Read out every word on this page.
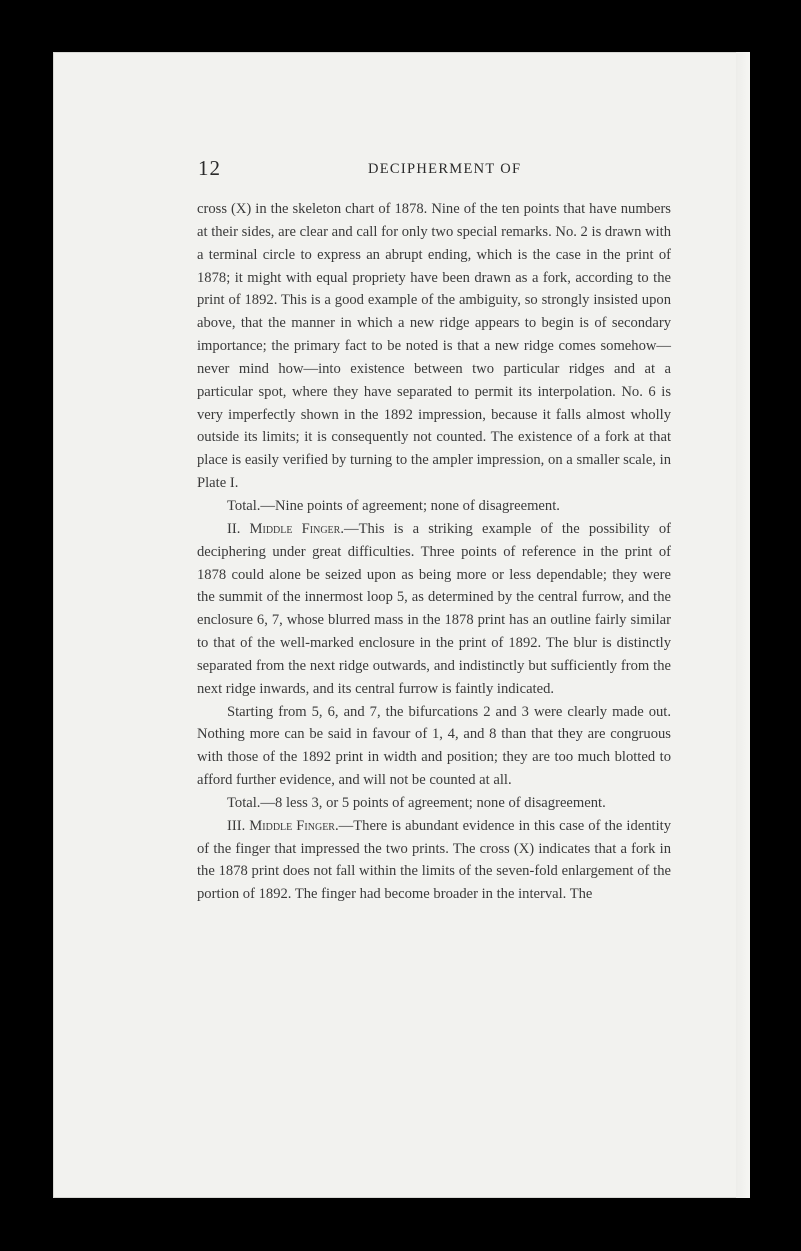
12	DECIPHERMENT OF

cross (X) in the skeleton chart of 1878. Nine of the ten points that have numbers at their sides, are clear and call for only two special remarks. No. 2 is drawn with a terminal circle to express an abrupt ending, which is the case in the print of 1878; it might with equal propriety have been drawn as a fork, according to the print of 1892. This is a good example of the ambiguity, so strongly insisted upon above, that the manner in which a new ridge appears to begin is of secondary importance; the primary fact to be noted is that a new ridge comes somehow—never mind how—into existence between two particular ridges and at a particular spot, where they have separated to permit its interpolation. No. 6 is very imperfectly shown in the 1892 impression, because it falls almost wholly outside its limits; it is consequently not counted. The existence of a fork at that place is easily verified by turning to the ampler impression, on a smaller scale, in Plate I.

Total.—Nine points of agreement; none of disagreement.

II. Middle Finger.—This is a striking example of the possibility of deciphering under great difficulties. Three points of reference in the print of 1878 could alone be seized upon as being more or less dependable; they were the summit of the innermost loop 5, as determined by the central furrow, and the enclosure 6, 7, whose blurred mass in the 1878 print has an outline fairly similar to that of the well-marked enclosure in the print of 1892. The blur is distinctly separated from the next ridge outwards, and indistinctly but sufficiently from the next ridge inwards, and its central furrow is faintly indicated.

Starting from 5, 6, and 7, the bifurcations 2 and 3 were clearly made out. Nothing more can be said in favour of 1, 4, and 8 than that they are congruous with those of the 1892 print in width and position; they are too much blotted to afford further evidence, and will not be counted at all.

Total.—8 less 3, or 5 points of agreement; none of disagreement.

III. Middle Finger.—There is abundant evidence in this case of the identity of the finger that impressed the two prints. The cross (X) indicates that a fork in the 1878 print does not fall within the limits of the seven-fold enlargement of the portion of 1892. The finger had become broader in the interval. The
